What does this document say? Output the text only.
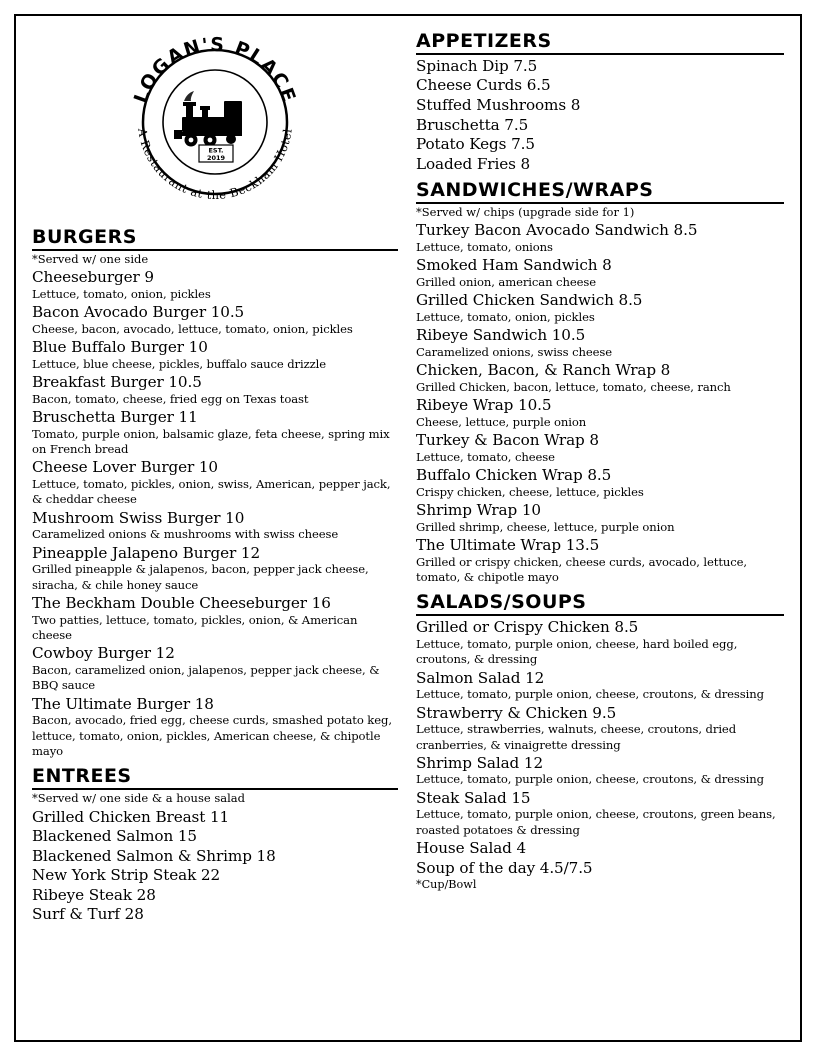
LOGAN'S PLACE
A Restaurant at the Beckham Hotel
EST.
2019
BURGERS
*Served w/ one side
Cheeseburger 9
Lettuce, tomato, onion, pickles
Bacon Avocado Burger 10.5
Cheese, bacon, avocado, lettuce, tomato, onion, pickles
Blue Buffalo Burger 10
Lettuce, blue cheese, pickles, buffalo sauce drizzle
Breakfast Burger 10.5
Bacon, tomato, cheese, fried egg on Texas toast
Bruschetta Burger 11
Tomato, purple onion, balsamic glaze, feta cheese, spring mix on French bread
Cheese Lover Burger 10
Lettuce, tomato, pickles, onion, swiss, American, pepper jack, & cheddar cheese
Mushroom Swiss Burger 10
Caramelized onions & mushrooms with swiss cheese
Pineapple Jalapeno Burger 12
Grilled pineapple & jalapenos, bacon, pepper jack cheese, siracha, & chile honey sauce
The Beckham Double Cheeseburger 16
Two patties, lettuce, tomato, pickles, onion, & American cheese
Cowboy Burger 12
Bacon, caramelized onion, jalapenos, pepper jack cheese, & BBQ sauce
The Ultimate Burger 18
Bacon, avocado, fried egg, cheese curds, smashed potato keg, lettuce, tomato, onion, pickles, American cheese, & chipotle mayo
ENTREES
*Served w/ one side & a house salad
Grilled Chicken Breast 11
Blackened Salmon 15
Blackened Salmon & Shrimp 18
New York Strip Steak 22
Ribeye Steak 28
Surf & Turf 28
APPETIZERS
Spinach Dip 7.5
Cheese Curds 6.5
Stuffed Mushrooms 8
Bruschetta 7.5
Potato Kegs 7.5
Loaded Fries 8
SANDWICHES/WRAPS
*Served w/ chips (upgrade side for 1)
Turkey Bacon Avocado Sandwich 8.5
Lettuce, tomato, onions
Smoked Ham Sandwich 8
Grilled onion, american cheese
Grilled Chicken Sandwich 8.5
Lettuce, tomato, onion, pickles
Ribeye Sandwich 10.5
Caramelized onions, swiss cheese
Chicken, Bacon, & Ranch Wrap 8
Grilled Chicken, bacon, lettuce, tomato, cheese, ranch
Ribeye Wrap 10.5
Cheese, lettuce, purple onion
Turkey & Bacon Wrap 8
Lettuce, tomato, cheese
Buffalo Chicken Wrap 8.5
Crispy chicken, cheese, lettuce, pickles
Shrimp Wrap 10
Grilled shrimp, cheese, lettuce, purple onion
The Ultimate Wrap 13.5
Grilled or crispy chicken, cheese curds, avocado, lettuce, tomato, & chipotle mayo
SALADS/SOUPS
Grilled or Crispy Chicken 8.5
Lettuce, tomato, purple onion, cheese, hard boiled egg, croutons, & dressing
Salmon Salad 12
Lettuce, tomato, purple onion, cheese, croutons, & dressing
Strawberry & Chicken 9.5
Lettuce, strawberries, walnuts, cheese, croutons, dried cranberries, & vinaigrette dressing
Shrimp Salad 12
Lettuce, tomato, purple onion, cheese, croutons, & dressing
Steak Salad 15
Lettuce, tomato, purple onion, cheese, croutons, green beans, roasted potatoes & dressing
House Salad 4
Soup of the day 4.5/7.5
*Cup/Bowl
